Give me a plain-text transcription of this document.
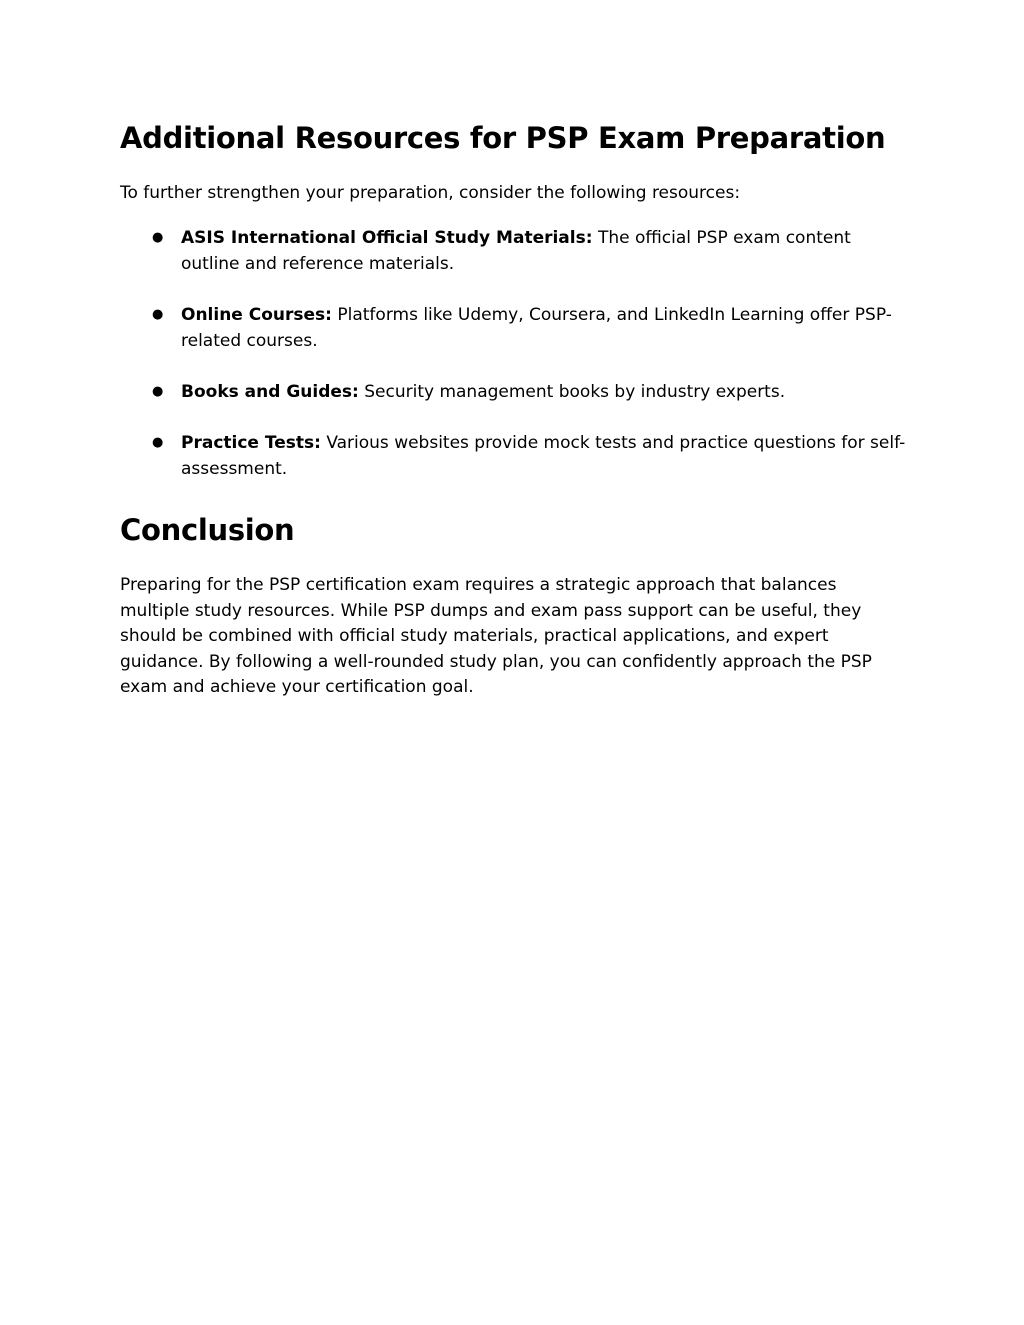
Additional Resources for PSP Exam Preparation

To further strengthen your preparation, consider the following resources:

● ASIS International Official Study Materials: The official PSP exam content outline and reference materials.
● Online Courses: Platforms like Udemy, Coursera, and LinkedIn Learning offer PSP-related courses.
● Books and Guides: Security management books by industry experts.
● Practice Tests: Various websites provide mock tests and practice questions for self-assessment.
Conclusion

Preparing for the PSP certification exam requires a strategic approach that balances multiple study resources. While PSP dumps and exam pass support can be useful, they should be combined with official study materials, practical applications, and expert guidance. By following a well-rounded study plan, you can confidently approach the PSP exam and achieve your certification goal.
